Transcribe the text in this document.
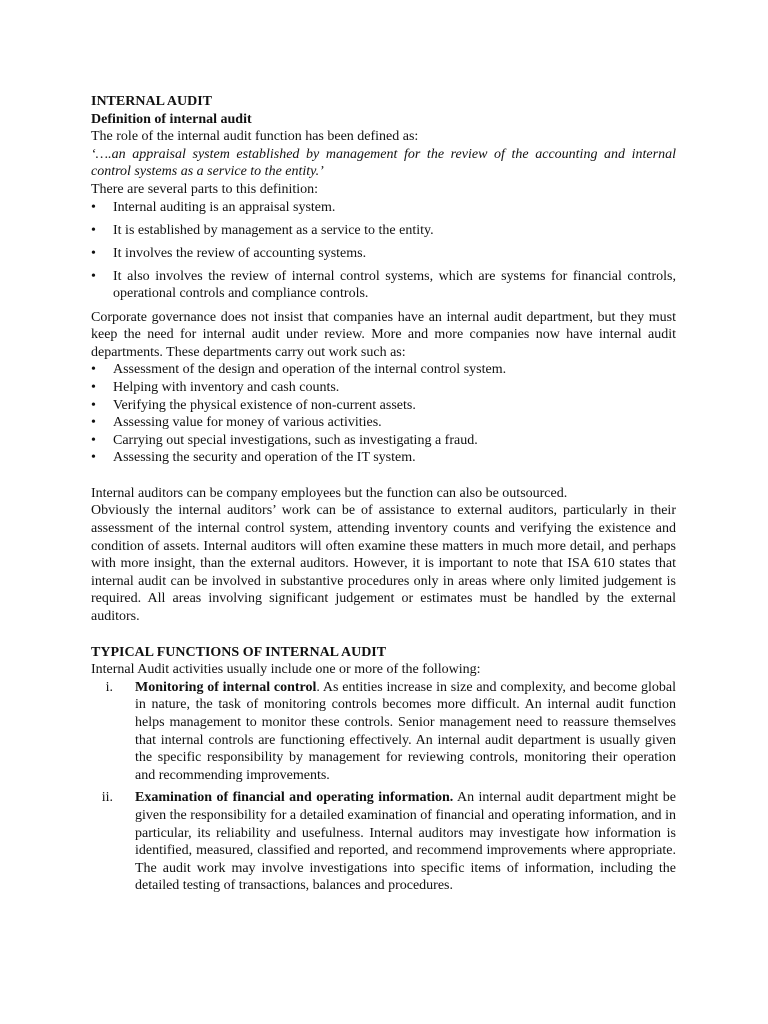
INTERNAL AUDIT

Definition of internal audit

The role of the internal audit function has been defined as:

‘….an appraisal system established by management for the review of the accounting and internal control systems as a service to the entity.’

There are several parts to this definition:

•	Internal auditing is an appraisal system.
•	It is established by management as a service to the entity.
•	It involves the review of accounting systems.
•	It also involves the review of internal control systems, which are systems for financial controls, operational controls and compliance controls.

Corporate governance does not insist that companies have an internal audit department, but they must keep the need for internal audit under review. More and more companies now have internal audit departments. These departments carry out work such as:

•	Assessment of the design and operation of the internal control system.
•	Helping with inventory and cash counts.
•	Verifying the physical existence of non-current assets.
•	Assessing value for money of various activities.
•	Carrying out special investigations, such as investigating a fraud.
•	Assessing the security and operation of the IT system.

Internal auditors can be company employees but the function can also be outsourced.

Obviously the internal auditors’ work can be of assistance to external auditors, particularly in their assessment of the internal control system, attending inventory counts and verifying the existence and condition of assets. Internal auditors will often examine these matters in much more detail, and perhaps with more insight, than the external auditors. However, it is important to note that ISA 610 states that internal audit can be involved in substantive procedures only in areas where only limited judgement is required. All areas involving significant judgement or estimates must be handled by the external auditors.

TYPICAL FUNCTIONS OF INTERNAL AUDIT

Internal Audit activities usually include one or more of the following:

i. Monitoring of internal control. As entities increase in size and complexity, and become global in nature, the task of monitoring controls becomes more difficult. An internal audit function helps management to monitor these controls. Senior management need to reassure themselves that internal controls are functioning effectively. An internal audit department is usually given the specific responsibility by management for reviewing controls, monitoring their operation and recommending improvements.
ii. Examination of financial and operating information. An internal audit department might be given the responsibility for a detailed examination of financial and operating information, and in particular, its reliability and usefulness. Internal auditors may investigate how information is identified, measured, classified and reported, and recommend improvements where appropriate. The audit work may involve investigations into specific items of information, including the detailed testing of transactions, balances and procedures.
